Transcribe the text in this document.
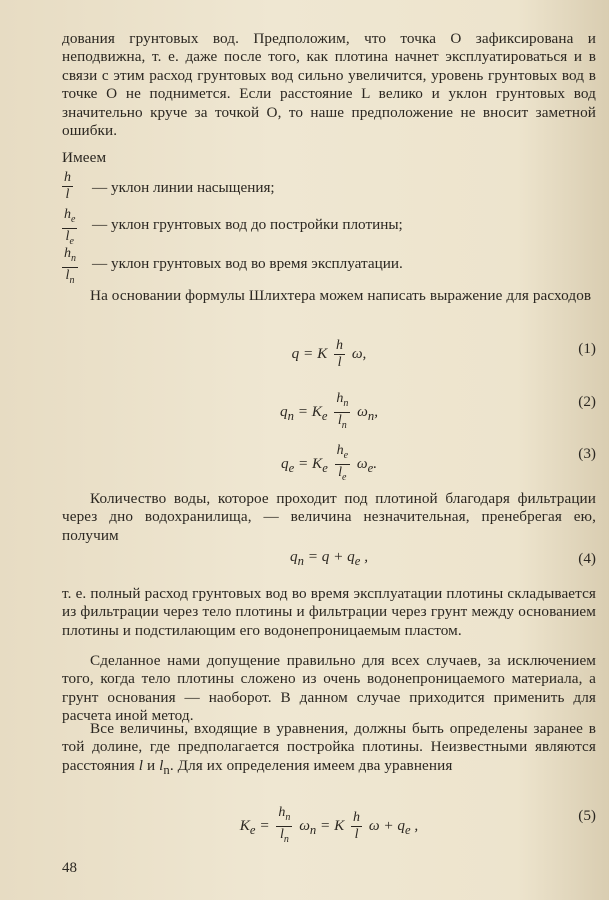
дования грунтовых вод. Предположим, что точка О зафиксирована и неподвижна, т. е. даже после того, как плотина начнет эксплуатироваться и в связи с этим расход грунтовых вод сильно увеличится, уровень грунтовых вод в точке О не поднимется. Если расстояние L велико и уклон грунтовых вод значительно круче за точкой О, то наше предположение не вносит заметной ошибки.
Имеем
$\frac{h}{l}$ — уклон линии насыщения;
$\frac{h_e}{l_e}$ — уклон грунтовых вод до постройки плотины;
$\frac{h_n}{l_n}$ — уклон грунтовых вод во время эксплуатации.
На основании формулы Шлихтера можем написать выражение для расходов
q = K $\frac{h}{l} \omega$,	(1)
$q_n = K_e \frac{h_n}{l_n} \omega_n$,
(2)
$q_e = K_e \frac{h_e}{l_e} \omega_e$.
(3)
Количество воды, которое проходит под плотиной благодаря фильтрации через дно водохранилища, — величина незначительная, пренебрегая ею, получим
$q_n = q + q_e$ ,	(4)
т. е. полный расход грунтовых вод во время эксплуатации плотины складывается из фильтрации через тело плотины и фильтрации через грунт между основанием плотины и подстилающим его водонепроницаемым пластом.
Сделанное нами допущение правильно для всех случаев, за исключением того, когда тело плотины сложено из очень водонепроницаемого материала, а грунт основания — наоборот. В данном случае приходится применить для расчета иной метод.
Все величины, входящие в уравнения, должны быть определены заранее в той долине, где предполагается постройка плотины. Неизвестными являются расстояния l и $l_n$. Для их определения имеем два уравнения
$K_e = \frac{h_n}{l_n} \omega_n = K \frac{h}{l}$ $\omega + q_e$ ,
(5)
48
